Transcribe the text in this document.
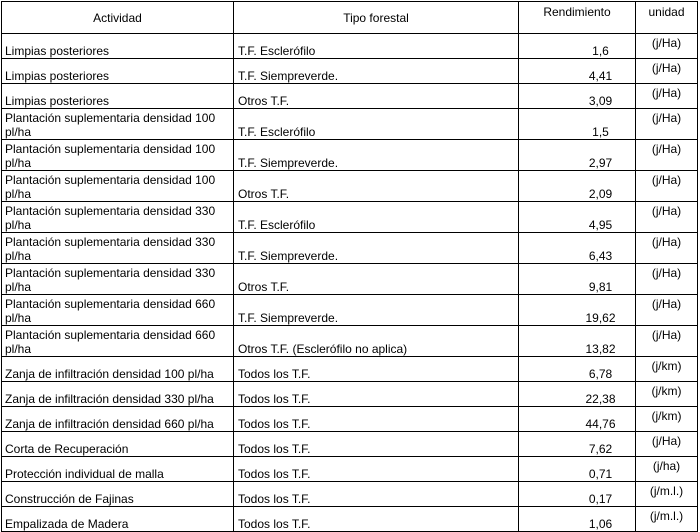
Actividad	Tipo forestal	Rendimiento	unidad
Limpias posteriores	T.F. Esclerófilo	1,6	(j/Ha)
Limpias posteriores	T.F. Siempreverde.	4,41	(j/Ha)
Limpias posteriores	Otros T.F.	3,09	(j/Ha)
Plantación suplementaria densidad 100 pl/ha	T.F. Esclerófilo	1,5	(j/Ha)
Plantación suplementaria densidad 100 pl/ha	T.F. Siempreverde.	2,97	(j/Ha)
Plantación suplementaria densidad 100 pl/ha	Otros T.F.	2,09	(j/Ha)
Plantación suplementaria densidad 330 pl/ha	T.F. Esclerófilo	4,95	(j/Ha)
Plantación suplementaria densidad 330 pl/ha	T.F. Siempreverde.	6,43	(j/Ha)
Plantación suplementaria densidad 330 pl/ha	Otros T.F.	9,81	(j/Ha)
Plantación suplementaria densidad 660 pl/ha	T.F. Siempreverde.	19,62	(j/Ha)
Plantación suplementaria densidad 660 pl/ha	Otros T.F. (Esclerófilo no aplica)	13,82	(j/Ha)
Zanja de infiltración densidad 100 pl/ha	Todos los T.F.	6,78	(j/km)
Zanja de infiltración densidad 330 pl/ha	Todos los T.F.	22,38	(j/km)
Zanja de infiltración densidad 660 pl/ha	Todos los T.F.	44,76	(j/km)
Corta de Recuperación	Todos los T.F.	7,62	(j/Ha)
Protección individual de malla	Todos los T.F.	0,71	(j/ha)
Construcción de Fajinas	Todos los T.F.	0,17	(j/m.l.)
Empalizada de Madera	Todos los T.F.	1,06	(j/m.l.)
